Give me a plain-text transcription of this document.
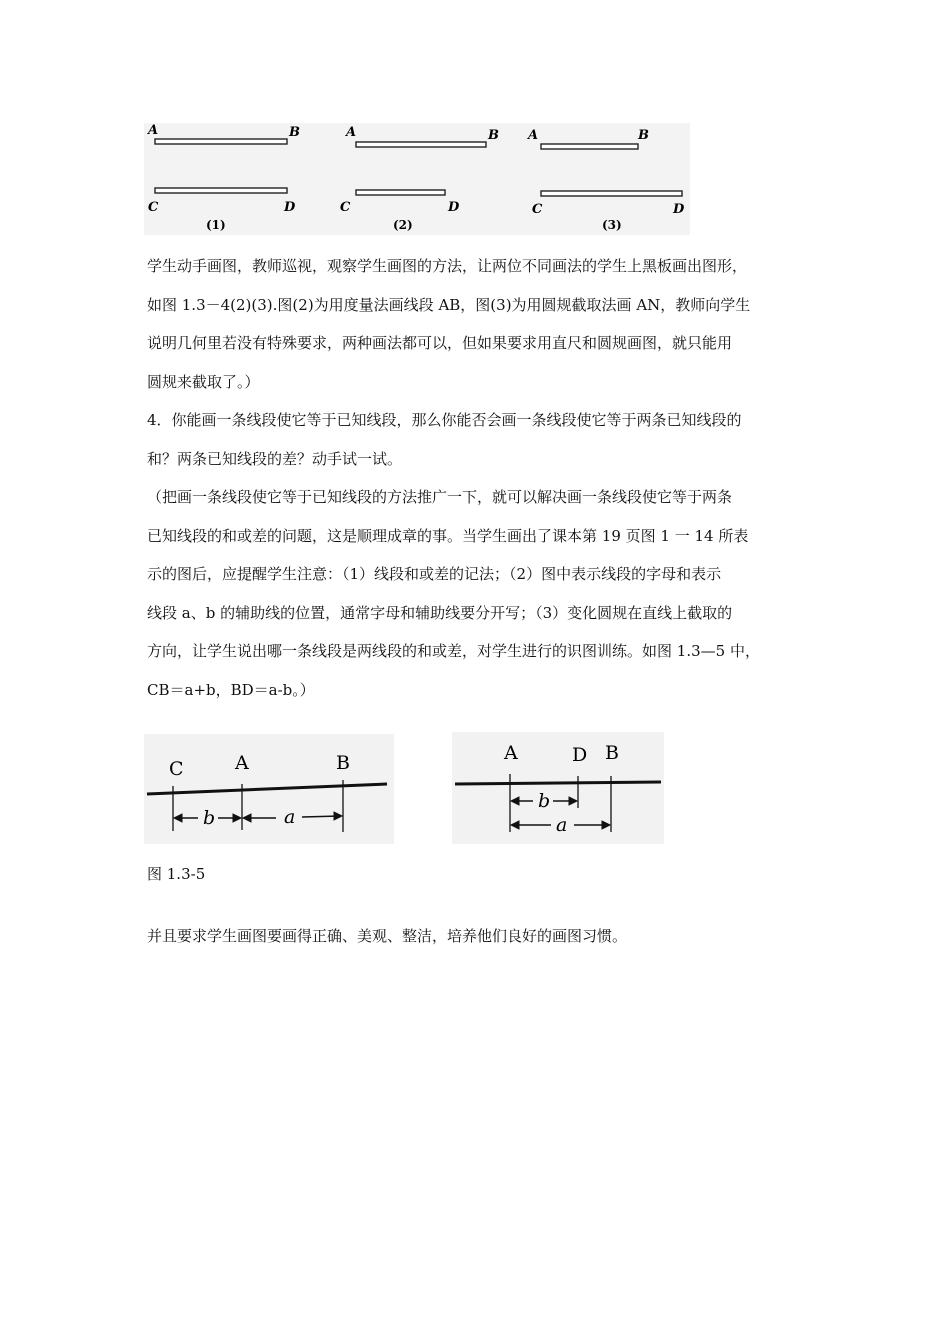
A	B
C	D
(1)
A	B
C	D
(2)
A	B
C	D
(3)
学生动手画图，教师巡视，观察学生画图的方法，让两位不同画法的学生上黑板画出图形，
如图 1.3－4(2)(3).图(2)为用度量法画线段 AB，图(3)为用圆规截取法画 AN，教师向学生
说明几何里若没有特殊要求，两种画法都可以，但如果要求用直尺和圆规画图，就只能用
圆规来截取了。）
4．你能画一条线段使它等于已知线段，那么你能否会画一条线段使它等于两条已知线段的
和？两条已知线段的差？动手试一试。
（把画一条线段使它等于已知线段的方法推广一下，就可以解决画一条线段使它等于两条
已知线段的和或差的问题，这是顺理成章的事。当学生画出了课本第 19 页图 1 一 14 所表
示的图后，应提醒学生注意：（1）线段和或差的记法；（2）图中表示线段的字母和表示
线段 a、b 的辅助线的位置，通常字母和辅助线要分开写；（3）变化圆规在直线上截取的
方向，让学生说出哪一条线段是两线段的和或差，对学生进行的识图训练。如图 1.3—5 中，
CB＝a+b，BD＝a-b。）
C	A	B
b	a
A	D B
b
a
图 1.3-5
并且要求学生画图要画得正确、美观、整洁，培养他们良好的画图习惯。
